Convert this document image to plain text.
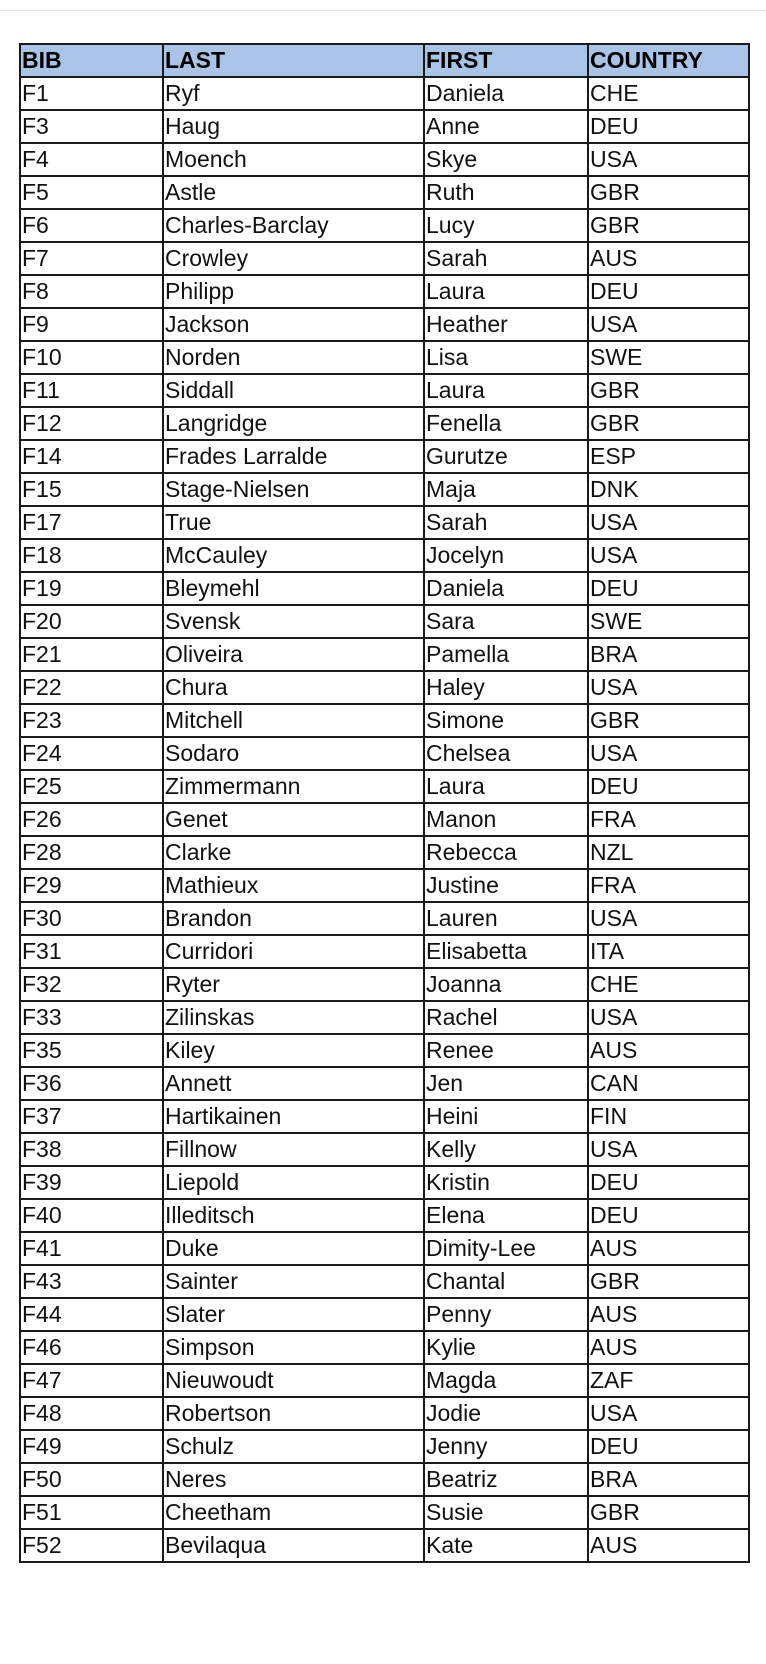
BIB	LAST	FIRST	COUNTRY
F1	Ryf	Daniela	CHE
F3	Haug	Anne	DEU
F4	Moench	Skye	USA
F5	Astle	Ruth	GBR
F6	Charles-Barclay	Lucy	GBR
F7	Crowley	Sarah	AUS
F8	Philipp	Laura	DEU
F9	Jackson	Heather	USA
F10	Norden	Lisa	SWE
F11	Siddall	Laura	GBR
F12	Langridge	Fenella	GBR
F14	Frades Larralde	Gurutze	ESP
F15	Stage-Nielsen	Maja	DNK
F17	True	Sarah	USA
F18	McCauley	Jocelyn	USA
F19	Bleymehl	Daniela	DEU
F20	Svensk	Sara	SWE
F21	Oliveira	Pamella	BRA
F22	Chura	Haley	USA
F23	Mitchell	Simone	GBR
F24	Sodaro	Chelsea	USA
F25	Zimmermann	Laura	DEU
F26	Genet	Manon	FRA
F28	Clarke	Rebecca	NZL
F29	Mathieux	Justine	FRA
F30	Brandon	Lauren	USA
F31	Curridori	Elisabetta	ITA
F32	Ryter	Joanna	CHE
F33	Zilinskas	Rachel	USA
F35	Kiley	Renee	AUS
F36	Annett	Jen	CAN
F37	Hartikainen	Heini	FIN
F38	Fillnow	Kelly	USA
F39	Liepold	Kristin	DEU
F40	Illeditsch	Elena	DEU
F41	Duke	Dimity-Lee	AUS
F43	Sainter	Chantal	GBR
F44	Slater	Penny	AUS
F46	Simpson	Kylie	AUS
F47	Nieuwoudt	Magda	ZAF
F48	Robertson	Jodie	USA
F49	Schulz	Jenny	DEU
F50	Neres	Beatriz	BRA
F51	Cheetham	Susie	GBR
F52	Bevilaqua	Kate	AUS
